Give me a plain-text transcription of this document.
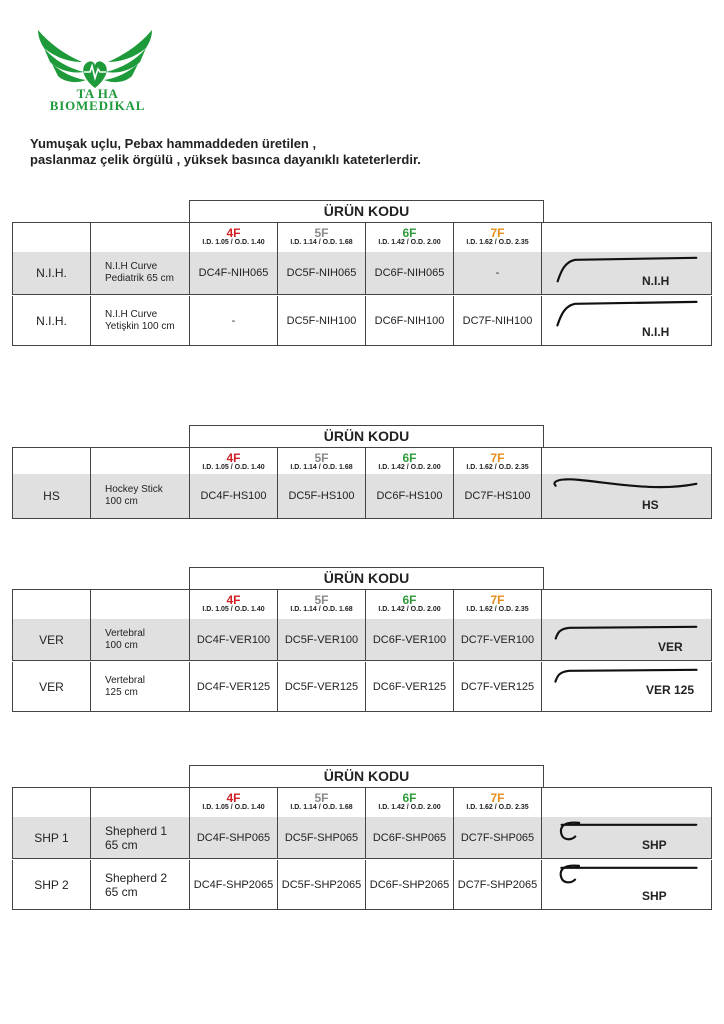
TA HA
BIOMEDIKAL
Yumuşak uçlu, Pebax hammaddeden üretilen ,
paslanmaz çelik örgülü , yüksek basınca dayanıklı kateterlerdir.
ÜRÜN KODU
4F
I.D. 1.05 / O.D. 1.40
5F
I.D. 1.14 / O.D. 1.68
6F
I.D. 1.42 / O.D. 2.00
7F
I.D. 1.62 / O.D. 2.35
N.I.H.	N.I.H Curve
Pediatrik 65 cm	DC4F-NIH065	DC5F-NIH065	DC6F-NIH065	-
N.I.H
N.I.H.	N.I.H Curve
Yetişkin 100 cm	-	DC5F-NIH100	DC6F-NIH100	DC7F-NIH100
N.I.H
ÜRÜN KODU
4F
I.D. 1.05 / O.D. 1.40
5F
I.D. 1.14 / O.D. 1.68
6F
I.D. 1.42 / O.D. 2.00
7F
I.D. 1.62 / O.D. 2.35
HS	Hockey Stick
100 cm	DC4F-HS100	DC5F-HS100	DC6F-HS100	DC7F-HS100
HS
ÜRÜN KODU
4F
I.D. 1.05 / O.D. 1.40
5F
I.D. 1.14 / O.D. 1.68
6F
I.D. 1.42 / O.D. 2.00
7F
I.D. 1.62 / O.D. 2.35
VER	Vertebral
100 cm	DC4F-VER100	DC5F-VER100	DC6F-VER100	DC7F-VER100
VER
VER	Vertebral
125 cm	DC4F-VER125	DC5F-VER125	DC6F-VER125	DC7F-VER125	VER 125
ÜRÜN KODU
4F
I.D. 1.05 / O.D. 1.40
5F
I.D. 1.14 / O.D. 1.68
6F
I.D. 1.42 / O.D. 2.00
7F
I.D. 1.62 / O.D. 2.35
SHP 1	Shepherd 1
65 cm	DC4F-SHP065	DC5F-SHP065	DC6F-SHP065	DC7F-SHP065
SHP
SHP 2	Shepherd 2
65 cm	DC4F-SHP2065 DC5F-SHP2065 DC6F-SHP2065 DC7F-SHP2065
SHP
